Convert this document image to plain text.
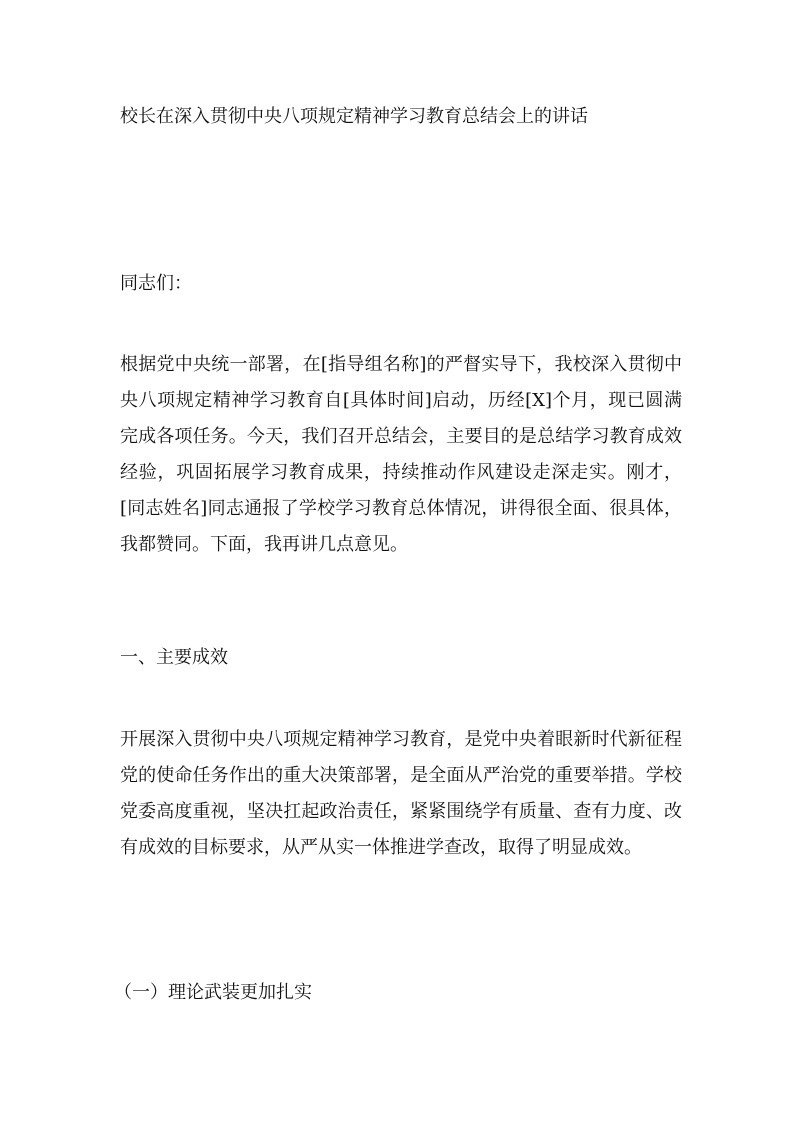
校长在深入贯彻中央八项规定精神学习教育总结会上的讲话

同志们：

根据党中央统一部署，在[指导组名称]的严督实导下，我校深入贯彻中央八项规定精神学习教育自[具体时间]启动，历经[X]个月，现已圆满完成各项任务。今天，我们召开总结会，主要目的是总结学习教育成效经验，巩固拓展学习教育成果，持续推动作风建设走深走实。刚才，[同志姓名]同志通报了学校学习教育总体情况，讲得很全面、很具体，我都赞同。下面，我再讲几点意见。

一、主要成效

开展深入贯彻中央八项规定精神学习教育，是党中央着眼新时代新征程党的使命任务作出的重大决策部署，是全面从严治党的重要举措。学校党委高度重视，坚决扛起政治责任，紧紧围绕学有质量、查有力度、改有成效的目标要求，从严从实一体推进学查改，取得了明显成效。

（一）理论武装更加扎实
